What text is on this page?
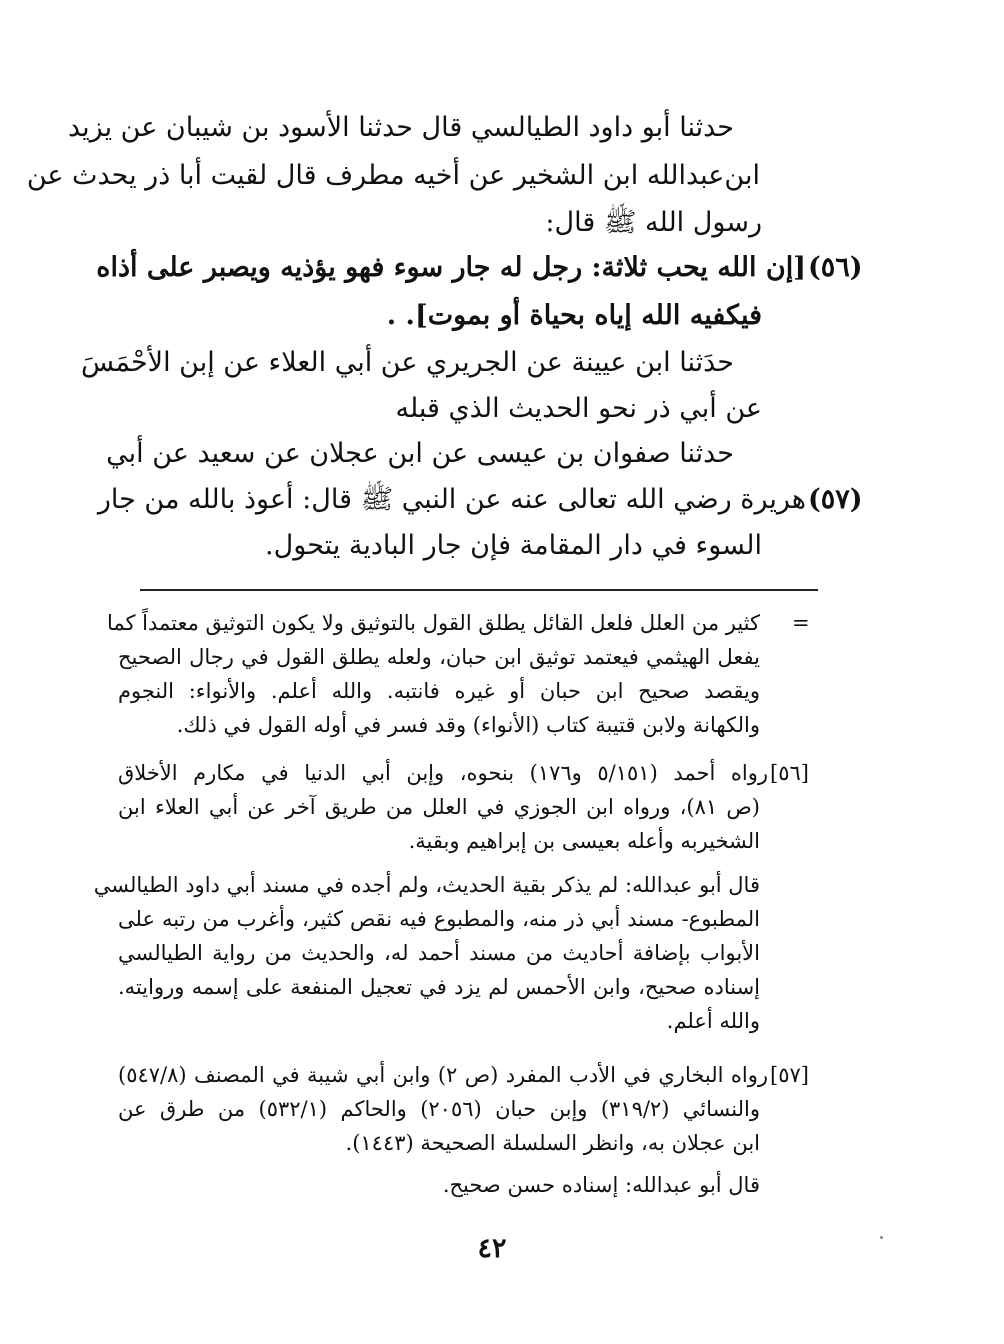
حدثنا أبو داود الطيالسي قال حدثنا الأسود بن شيبان عن يزيد
ابن‌عبدالله ابن الشخير عن أخيه مطرف قال لقيت أبا ذر يحدث عن
رسول الله ﷺ قال:
(٥٦)
[إن الله يحب ثلاثة: رجل له جار سوء فهو يؤذيه ويصبر على أذاه
فيكفيه الله إياه بحياة أو بموت]. .
حدَثنا ابن عيينة عن الجريري عن أبي العلاء عن إبن الأحْمَسَ
عن أبي ذر نحو الحديث الذي قبله
حدثنا صفوان بن عيسى عن ابن عجلان عن سعيد عن أبي
(٥٧)
هريرة رضي الله تعالى عنه عن النبي ﷺ قال: أعوذ بالله من جار
السوء في دار المقامة فإن جار البادية يتحول.
=
كثير من العلل فلعل القائل يطلق القول بالتوثيق ولا يكون التوثيق معتمداً كما
يفعل الهيثمي فيعتمد توثيق ابن حبان، ولعله يطلق القول في رجال الصحيح
ويقصد صحيح ابن حبان أو غيره فانتبه. والله أعلم. والأنواء: النجوم
والكهانة ولابن قتيبة كتاب (الأنواء) وقد فسر في أوله القول في ذلك.
[٥٦]
رواه أحمد (٥/١٥١ و١٧٦) بنحوه، وإبن أبي الدنيا في مكارم الأخلاق
(ص ٨١)، ورواه ابن الجوزي في العلل من طريق آخر عن أبي العلاء ابن
الشخيربه وأعله بعيسى بن إبراهيم وبقية.
قال أبو عبدالله: لم يذكر بقية الحديث، ولم أجده في مسند أبي داود الطيالسي
المطبوع- مسند أبي ذر منه، والمطبوع فيه نقص كثير، وأغرب من رتبه على
الأبواب بإضافة أحاديث من مسند أحمد له، والحديث من رواية الطيالسي
إسناده صحيح، وابن الأحمس لم يزد في تعجيل المنفعة على إسمه وروايته.
والله أعلم.
[٥٧]
رواه البخاري في الأدب المفرد (ص ٢) وابن أبي شيبة في المصنف (٥٤٧/٨)
والنسائي (٣١٩/٢) وإبن حبان (٢٠٥٦) والحاكم (٥٣٢/١) من طرق عن
ابن عجلان به، وانظر السلسلة الصحيحة (١٤٤٣).
قال أبو عبدالله: إسناده حسن صحيح.
٤٢
